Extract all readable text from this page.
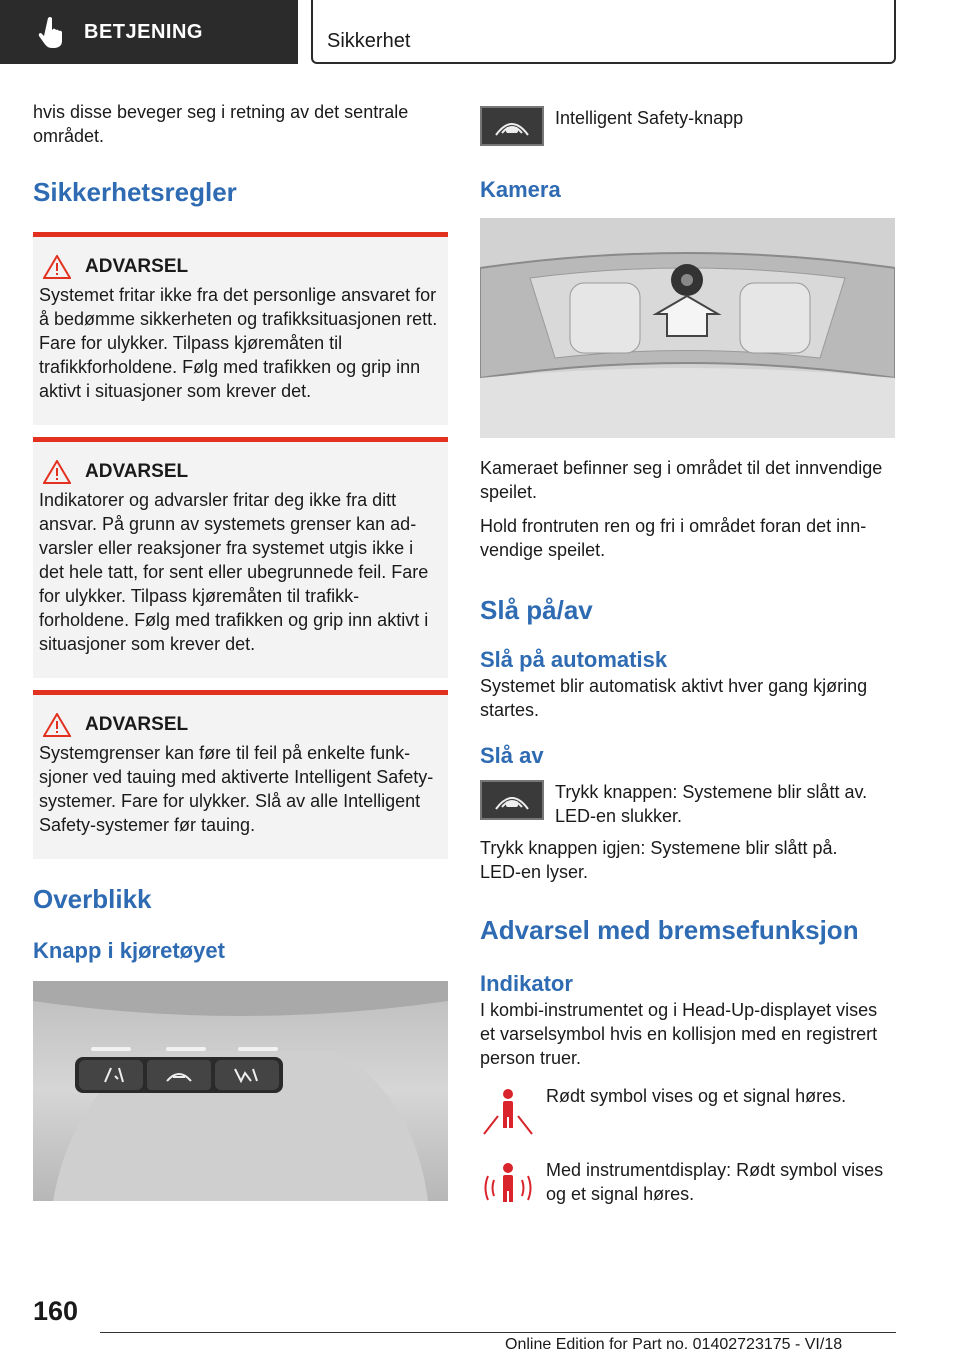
BETJENING	Sikkerhet

hvis disse beveger seg i retning av det sentrale området.

Sikkerhetsregler
ADVARSEL

Systemet fritar ikke fra det personlige ansvaret for å bedømme sikkerheten og trafikksituasjonen rett. Fare for ulykker. Tilpass kjøremåten til trafikkforholdene. Følg med trafikken og grip inn aktivt i situasjoner som krever det.

ADVARSEL

Indikatorer og advarsler fritar deg ikke fra ditt ansvar. På grunn av systemets grenser kan advarsler eller reaksjoner fra systemet utgis ikke i det hele tatt, for sent eller ubegrunnede feil. Fare for ulykker. Tilpass kjøremåten til trafikkforholdene. Følg med trafikken og grip inn aktivt i situasjoner som krever det.

ADVARSEL

Systemgrenser kan føre til feil på enkelte funksjoner ved tauing med aktiverte Intelligent Safety-systemer. Fare for ulykker. Slå av alle Intelligent Safety-systemer før tauing.

Overblikk
Knapp i kjøretøyet

Intelligent Safety-knapp

Kamera

Kameraet befinner seg i området til det innvendige speilet.

Hold frontruten ren og fri i området foran det innvendige speilet.

Slå på/av
Slå på automatisk

Systemet blir automatisk aktivt hver gang kjøring startes.

Slå av

Trykk knappen: Systemene blir slått av. LED-en slukker.

Trykk knappen igjen: Systemene blir slått på. LED-en lyser.

Advarsel med bremsefunksjon
Indikator

I kombi-instrumentet og i Head-Up-displayet vises et varselsymbol hvis en kollisjon med en registrert person truer.

Rødt symbol vises og et signal høres.

Med instrumentdisplay: Rødt symbol vises og et signal høres.

160
Online Edition for Part no. 01402723175 - VI/18
